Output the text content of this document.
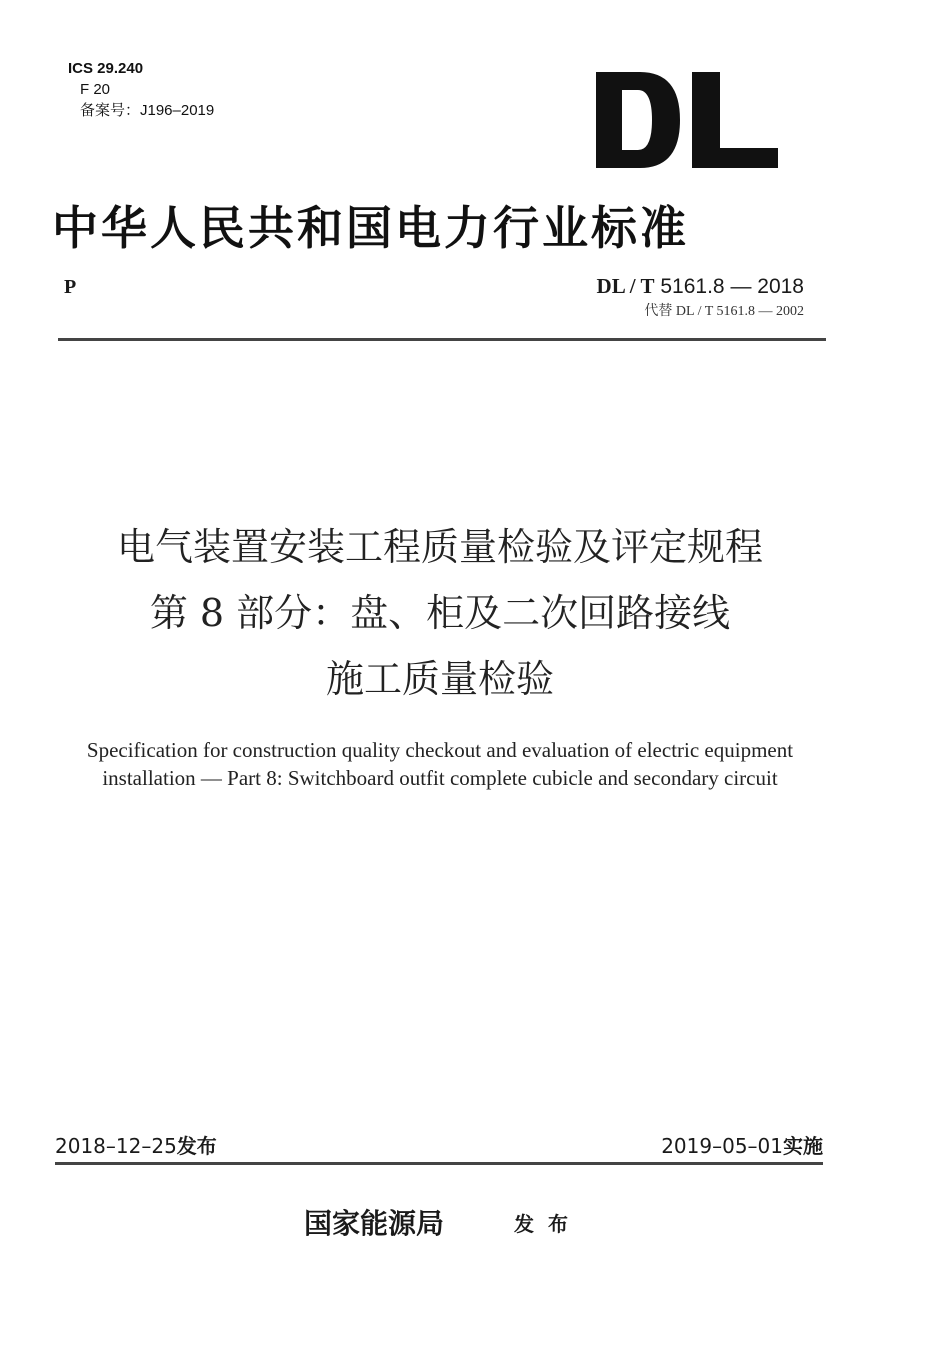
ICS 29.240
F 20
备案号：J196–2019
中华人民共和国电力行业标准
P	DL / T 5161.8 — 2018
代替 DL / T 5161.8 — 2002
电气装置安装工程质量检验及评定规程
第 8 部分：盘、柜及二次回路接线
施工质量检验
Specification for construction quality checkout and evaluation of electric equipment
installation — Part 8: Switchboard outfit complete cubicle and secondary circuit
2018–12–25发布	2019–05–01实施
国家能源局	发布
